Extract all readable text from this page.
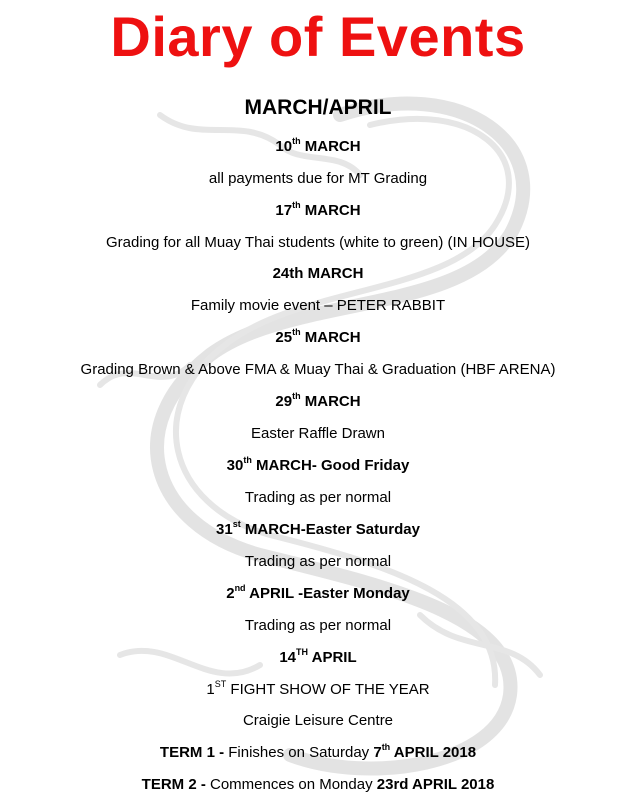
Diary of Events
MARCH/APRIL
10th MARCH
all payments due for MT Grading
17th MARCH
Grading for all Muay Thai students (white to green) (IN HOUSE)
24th MARCH
Family movie event – PETER RABBIT
25th MARCH
Grading Brown & Above FMA & Muay Thai & Graduation (HBF ARENA)
29th MARCH
Easter Raffle Drawn
30th MARCH- Good Friday
Trading as per normal
31st MARCH-Easter Saturday
Trading as per normal
2nd APRIL -Easter Monday
Trading as per normal
14TH APRIL
1ST FIGHT SHOW OF THE YEAR
Craigie Leisure Centre
TERM 1 - Finishes on Saturday 7th APRIL 2018
TERM 2 - Commences on Monday 23rd APRIL 2018
